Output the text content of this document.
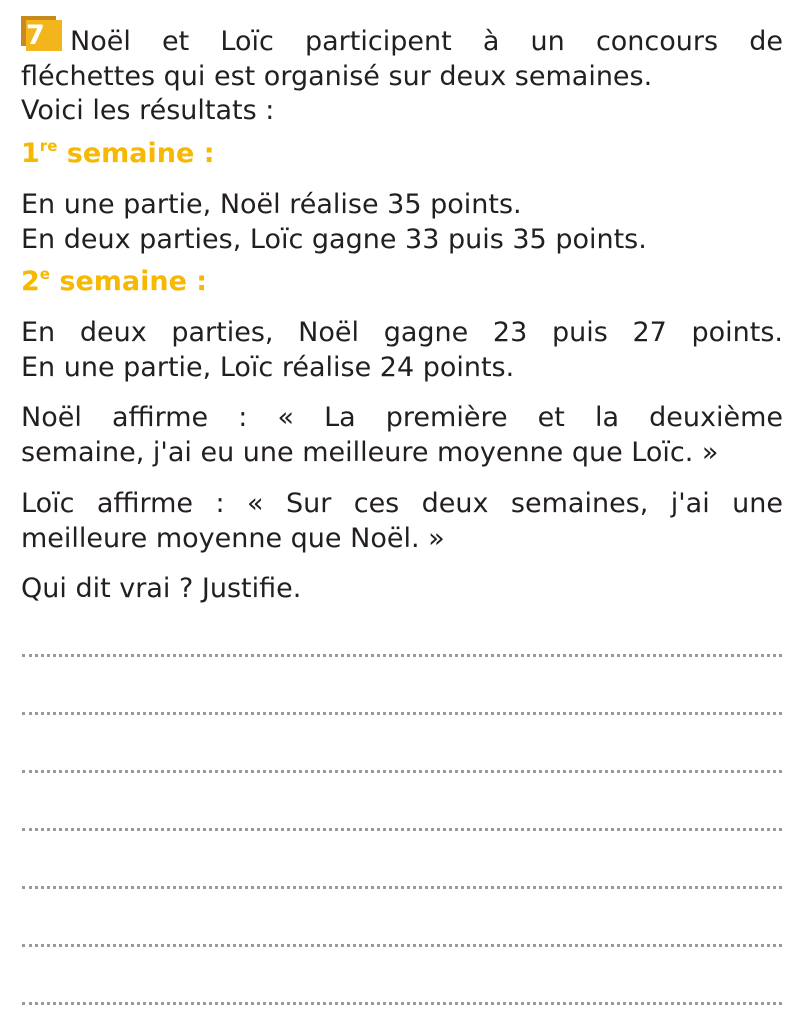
7 Noël et Loïc participent à un concours de
fléchettes qui est organisé sur deux semaines.

Voici les résultats :

1re semaine :

En une partie, Noël réalise 35 points.
En deux parties, Loïc gagne 33 puis 35 points.

2e semaine :

En deux parties, Noël gagne 23 puis 27 points.
En une partie, Loïc réalise 24 points.
Noël affirme : « La première et la deuxième
semaine, j'ai eu une meilleure moyenne que Loïc. »
Loïc affirme : « Sur ces deux semaines, j'ai une
meilleure moyenne que Noël. »

Qui dit vrai ? Justifie.
